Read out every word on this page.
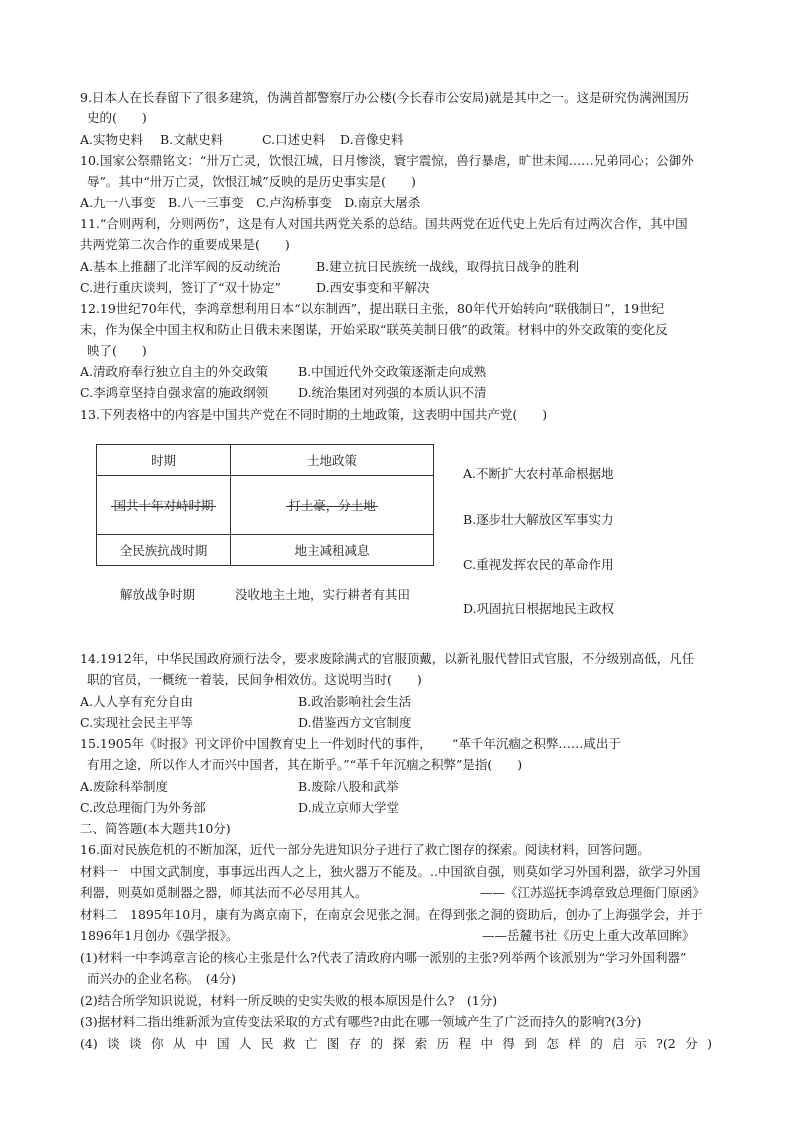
9.日本人在长春留下了很多建筑，伪满首都警察厅办公楼(今长春市公安局)就是其中之一。这是研究伪满洲国历
史的(　　)
A.实物史料 B.文献史料	C.口述史料 D.音像史料
10.国家公祭鼎铭文：“卅万亡灵，饮恨江城，日月惨淡，寰宇震惊，兽行暴虐，旷世未闻……兄弟同心；公御外
辱”。其中“卅万亡灵，饮恨江城”反映的是历史事实是(　　)
A.九一八事变　B.八一三事变　C.卢沟桥事变　D.南京大屠杀
11.“合则两利，分则两伤”，这是有人对国共两党关系的总结。国共两党在近代史上先后有过两次合作，其中国
共两党第二次合作的重要成果是(　　)
A.基本上推翻了北洋军阀的反动统治	B.建立抗日民族统一战线，取得抗日战争的胜利
C.进行重庆谈判，签订了“双十协定”	D.西安事变和平解决
12.19世纪70年代，李鸿章想利用日本“以东制西”，提出联日主张，80年代开始转向“联俄制日”，19世纪
末，作为保全中国主权和防止日俄未来图谋，开始采取“联英美制日俄”的政策。材料中的外交政策的变化反
映了(　　)
A.清政府奉行独立自主的外交政策 B.中国近代外交政策逐渐走向成熟
C.李鸿章坚持自强求富的施政纲领 D.统治集团对列强的本质认识不清
13.下列表格中的内容是中国共产党在不同时期的土地政策，这表明中国共产党(　　)
时期	土地政策
国共十年对峙时期	打土豪，分土地
全民族抗战时期	地主减租减息
解放战争时期	没收地主土地，实行耕者有其田
A.不断扩大农村革命根据地
B.逐步壮大解放区军事实力
C.重视发挥农民的革命作用
D.巩固抗日根据地民主政权
14.1912年，中华民国政府颁行法令，要求废除满式的官服顶戴，以新礼服代替旧式官服，不分级别高低，凡任
职的官员，一概统一着装，民间争相效仿。这说明当时(　　)
A.人人享有充分自由	B.政治影响社会生活
C.实现社会民主平等	D.借鉴西方文官制度
15.1905年《时报》刊文评价中国教育史上一件划时代的事件， “革千年沉痼之积弊……咸出于
有用之途，所以作人才而兴中国者，其在斯乎。”“革千年沉痼之积弊”是指(　　)
A.废除科举制度	B.废除八股和武举
C.改总理衙门为外务部	D.成立京师大学堂
二、简答题(本大题共10分)
16.面对民族危机的不断加深，近代一部分先进知识分子进行了救亡图存的探索。阅读材料，回答问题。
材料一　中国文武制度，事事远出西人之上，独火器万不能及。..中国欲自强，则莫如学习外国利器，欲学习外国
利器，则莫如觅制器之器，师其法而不必尽用其人。	——《江苏巡抚李鸿章致总理衙门原函》
材料二　1895年10月，康有为离京南下，在南京会见张之洞。在得到张之洞的资助后，创办了上海强学会，并于
1896年1月创办《强学报》。	——岳麓书社《历史上重大改革回眸》
(1)材料一中李鸿章言论的核心主张是什么?代表了清政府内哪一派别的主张?列举两个该派别为“学习外国利器”
而兴办的企业名称。　(4分)
(2)结合所学知识说说，材料一所反映的史实失败的根本原因是什么?　(1分)
(3)据材料二指出维新派为宣传变法采取的方式有哪些?由此在哪一领域产生了广泛而持久的影响?(3分)
(4)谈谈你从中国人民救亡图存的探索历程中得到怎样的启示?(2分)
